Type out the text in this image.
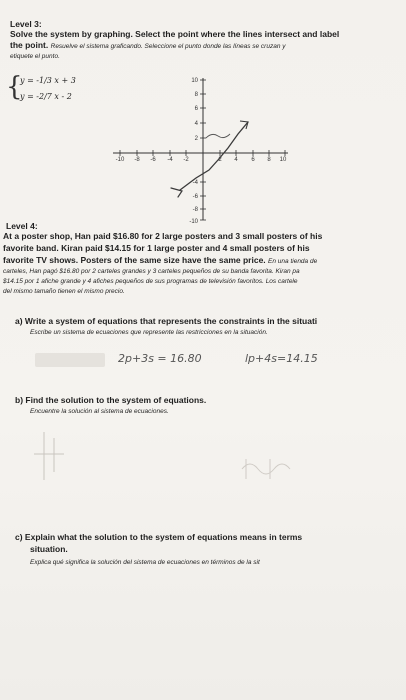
Level 3:
Solve the system by graphing. Select the point where the lines intersect and label
the point. Resuelve el sistema graficando. Seleccione el punto donde las líneas se cruzan y
etiquete el punto.
{
y = -1/3 x + 3
y = -2/7 x - 2
10
8
6
4
2
-4
-6
-8
-10
-10 -8 -6 -4 -2	2 4 6 8 10
Level 4:
At a poster shop, Han paid $16.80 for 2 large posters and 3 small posters of his
favorite band. Kiran paid $14.15 for 1 large poster and 4 small posters of his
favorite TV shows. Posters of the same size have the same price. En una tienda de
carteles, Han pagó $16.80 por 2 carteles grandes y 3 carteles pequeños de su banda favorita. Kiran pa
$14.15 por 1 afiche grande y 4 afiches pequeños de sus programas de televisión favoritos. Los cartele
del mismo tamaño tienen el mismo precio.
a) Write a system of equations that represents the constraints in the situati
Escribe un sistema de ecuaciones que represente las restricciones en la situación.
2p+3s = 16.80	lp+4s=14.15
b) Find the solution to the system of equations.
Encuentre la solución al sistema de ecuaciones.
c) Explain what the solution to the system of equations means in terms
situation.
Explica qué significa la solución del sistema de ecuaciones en términos de la sit
